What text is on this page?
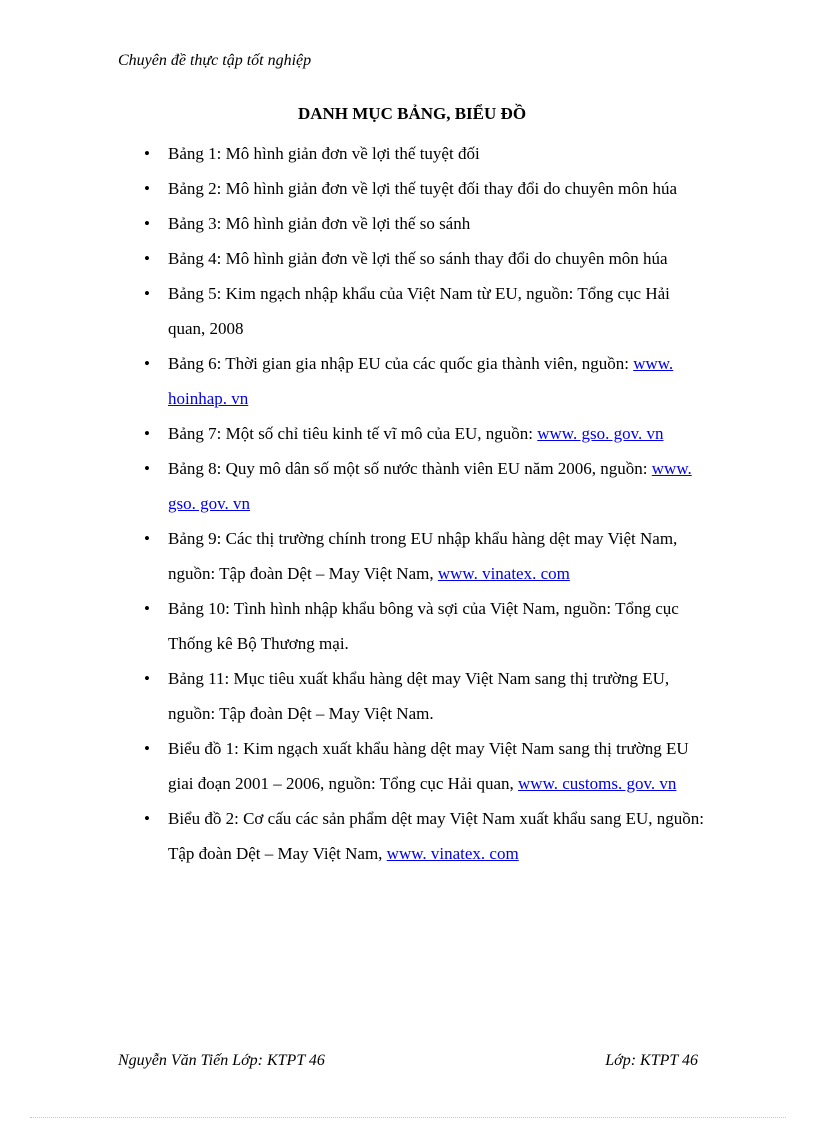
Chuyên đề thực tập tốt nghiệp
DANH MỤC BẢNG, BIỂU ĐỒ
• Bảng 1: Mô hình giản đơn về lợi thế tuyệt đối
• Bảng 2: Mô hình giản đơn về lợi thế tuyệt đối thay đổi do chuyên môn húa
• Bảng 3: Mô hình giản đơn về lợi thế so sánh
• Bảng 4: Mô hình giản đơn về lợi thế so sánh thay đổi do chuyên môn húa
• Bảng 5: Kim ngạch nhập khẩu của Việt Nam từ EU, nguồn: Tổng cục Hải quan, 2008
• Bảng 6: Thời gian gia nhập EU của các quốc gia thành viên, nguồn: www. hoinhap. vn
• Bảng 7: Một số chỉ tiêu kinh tế vĩ mô của EU, nguồn: www. gso. gov. vn
• Bảng 8: Quy mô dân số một số nước thành viên EU năm 2006, nguồn: www. gso. gov. vn
• Bảng 9: Các thị trường chính trong EU nhập khẩu hàng dệt may Việt Nam, nguồn: Tập đoàn Dệt – May Việt Nam, www. vinatex. com
• Bảng 10: Tình hình nhập khẩu bông và sợi của Việt Nam, nguồn: Tổng cục Thống kê Bộ Thương mại.
• Bảng 11: Mục tiêu xuất khẩu hàng dệt may Việt Nam sang thị trường EU, nguồn: Tập đoàn Dệt – May Việt Nam.
• Biểu đồ 1: Kim ngạch xuất khẩu hàng dệt may Việt Nam sang thị trường EU giai đoạn 2001 – 2006, nguồn: Tổng cục Hải quan, www. customs. gov. vn
• Biểu đồ 2: Cơ cấu các sản phẩm dệt may Việt Nam xuất khẩu sang EU, nguồn: Tập đoàn Dệt – May Việt Nam, www. vinatex. com
Nguyễn Văn Tiến Lớp: KTPT 46	Lớp: KTPT 46
